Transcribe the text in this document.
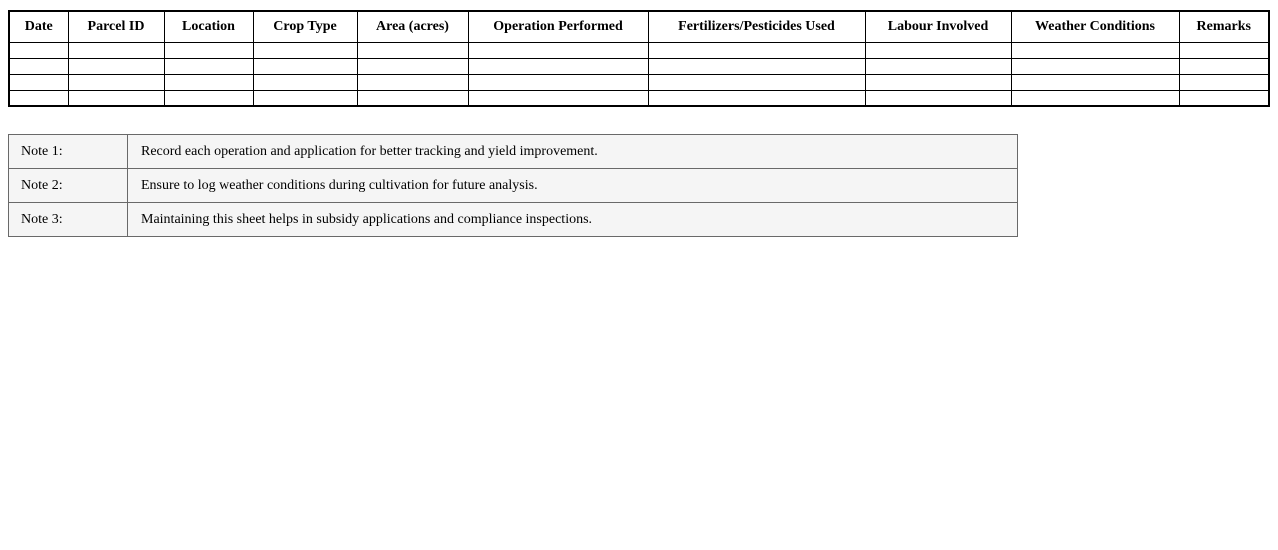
Date	Parcel ID	Location	Crop Type	Area (acres)	Operation Performed	Fertilizers/Pesticides Used	Labour Involved	Weather Conditions	Remarks

Note 1:	Record each operation and application for better tracking and yield improvement.
Note 2:	Ensure to log weather conditions during cultivation for future analysis.
Note 3:	Maintaining this sheet helps in subsidy applications and compliance inspections.
